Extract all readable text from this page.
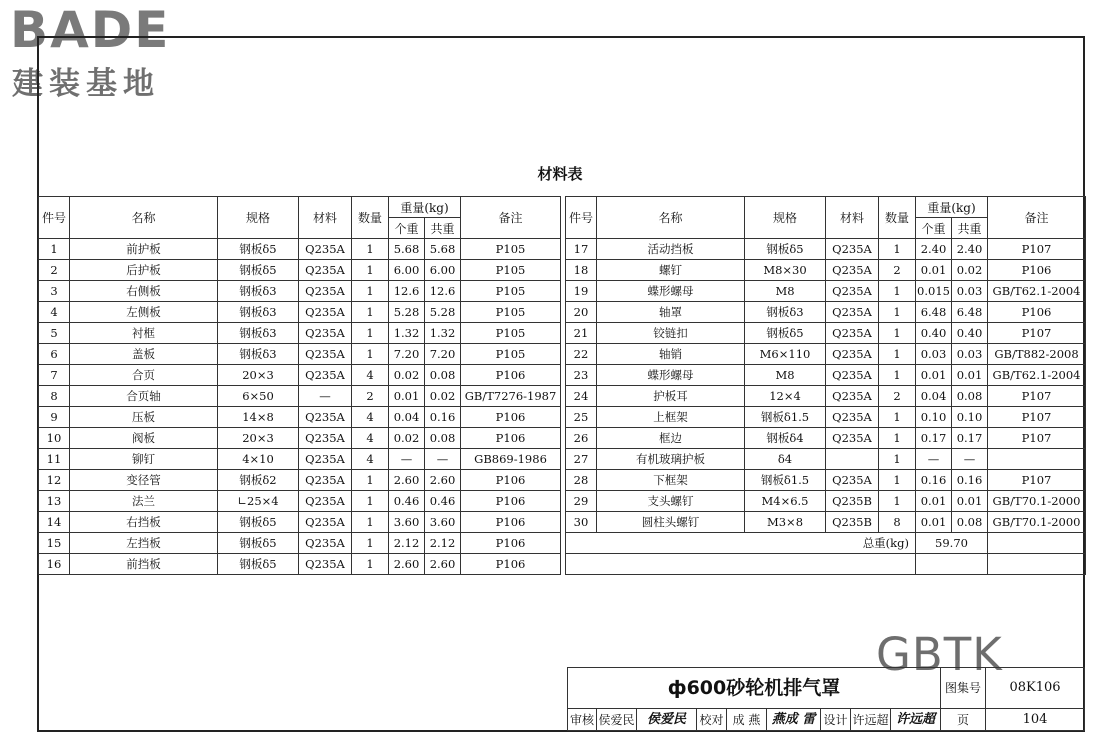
BADE
建装基地
材料表
件号	名称	规格	材料	数量	重量(kg)		备注
					个重	共重	
1	前护板	钢板δ5	Q235A	1	5.68	5.68	P105
2	后护板	钢板δ5	Q235A	1	6.00	6.00	P105
3	右侧板	钢板δ3	Q235A	1	12.6	12.6	P105
4	左侧板	钢板δ3	Q235A	1	5.28	5.28	P105
5	衬框	钢板δ3	Q235A	1	1.32	1.32	P105
6	盖板	钢板δ3	Q235A	1	7.20	7.20	P105
7	合页	20×3	Q235A	4	0.02	0.08	P106
8	合页轴	6×50	—	2	0.01	0.02	GB/T7276-1987
9	压板	14×8	Q235A	4	0.04	0.16	P106
10	阀板	20×3	Q235A	4	0.02	0.08	P106
11	铆钉	4×10	Q235A	4	—	—	GB869-1986
12	变径管	钢板δ2	Q235A	1	2.60	2.60	P106
13	法兰	∟25×4	Q235A	1	0.46	0.46	P106
14	右挡板	钢板δ5	Q235A	1	3.60	3.60	P106
15	左挡板	钢板δ5	Q235A	1	2.12	2.12	P106
16	前挡板	钢板δ5	Q235A	1	2.60	2.60	P106
件号	名称	规格	材料	数量	重量(kg)		备注
					个重	共重	
17	活动挡板	钢板δ5	Q235A	1	2.40	2.40	P107
18	螺钉	M8×30	Q235A	2	0.01	0.02	P106
19	蝶形螺母	M8	Q235A	1	0.015	0.03	GB/T62.1-2004
20	轴罩	钢板δ3	Q235A	1	6.48	6.48	P106
21	铰链扣	钢板δ5	Q235A	1	0.40	0.40	P107
22	轴销	M6×110	Q235A	1	0.03	0.03	GB/T882-2008
23	蝶形螺母	M8	Q235A	1	0.01	0.01	GB/T62.1-2004
24	护板耳	12×4	Q235A	2	0.04	0.08	P107
25	上框架	钢板δ1.5	Q235A	1	0.10	0.10	P107
26	框边	钢板δ4	Q235A	1	0.17	0.17	P107
27	有机玻璃护板	δ4		1	—	—	
28	下框架	钢板δ1.5	Q235A	1	0.16	0.16	P107
29	支头螺钉	M4×6.5	Q235B	1	0.01	0.01	GB/T70.1-2000
30	圆柱头螺钉	M3×8	Q235B	8	0.01	0.08	GB/T70.1-2000
总重(kg)					59.70		

GBTK
ф600砂轮机排气罩	图集号	08K106
审核 侯爱民 侯爱民	校对 成 燕 燕成 雷 设计 许远超 许远超	页	104
